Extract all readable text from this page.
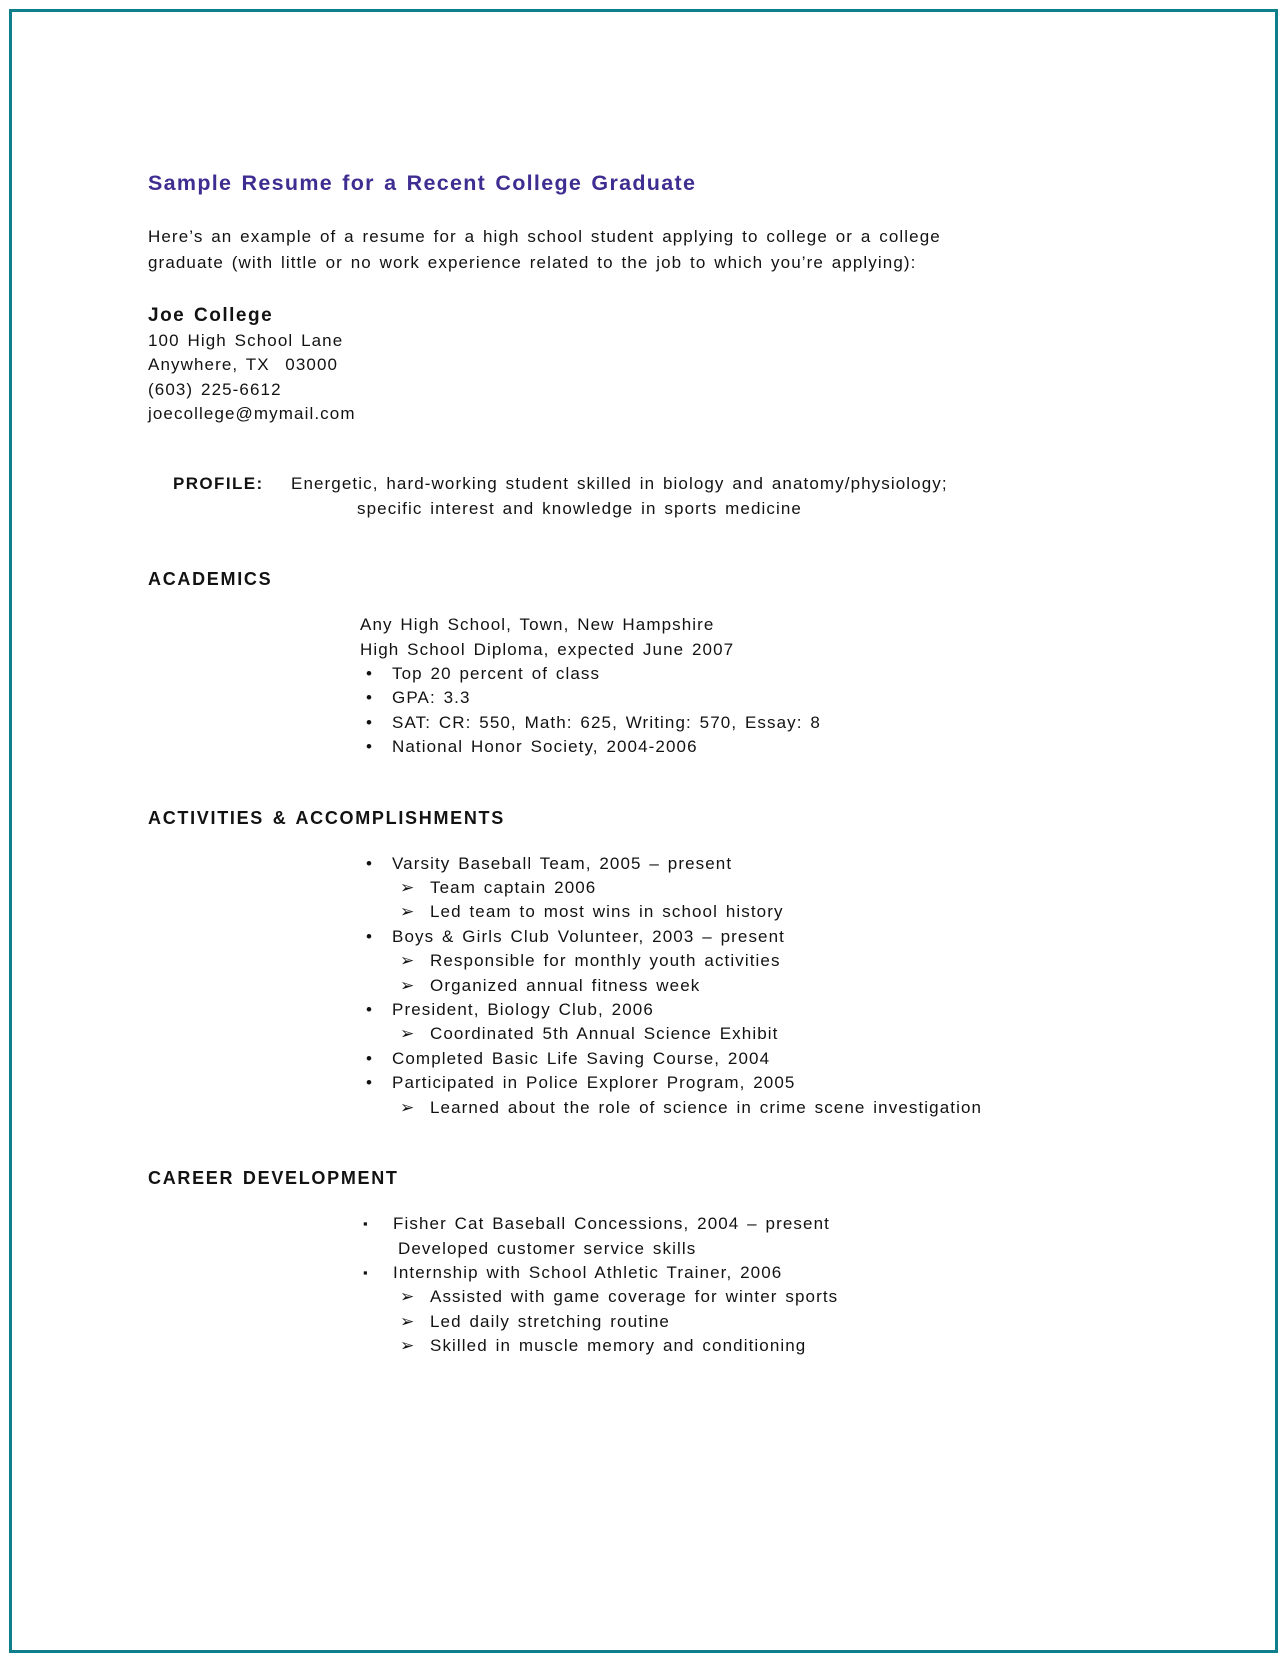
Sample Resume for a Recent College Graduate
Here’s an example of a resume for a high school student applying to college or a college
graduate (with little or no work experience related to the job to which you’re applying):
Joe College
100 High School Lane
Anywhere, TX  03000
(603) 225-6612
joecollege@mymail.com
PROFILE:	Energetic, hard-working student skilled in biology and anatomy/physiology;
specific interest and knowledge in sports medicine
ACADEMICS
Any High School, Town, New Hampshire
High School Diploma, expected June 2007
•	Top 20 percent of class
•	GPA: 3.3
•	SAT: CR: 550, Math: 625, Writing: 570, Essay: 8
•	National Honor Society, 2004-2006
ACTIVITIES & ACCOMPLISHMENTS
•	Varsity Baseball Team, 2005 – present
➢ Team captain 2006
➢ Led team to most wins in school history
•	Boys & Girls Club Volunteer, 2003 – present
➢ Responsible for monthly youth activities
➢ Organized annual fitness week
•	President, Biology Club, 2006
➢ Coordinated 5th Annual Science Exhibit
•	Completed Basic Life Saving Course, 2004
•	Participated in Police Explorer Program, 2005
➢ Learned about the role of science in crime scene investigation
CAREER DEVELOPMENT
▪	Fisher Cat Baseball Concessions, 2004 – present
Developed customer service skills
▪	Internship with School Athletic Trainer, 2006
➢ Assisted with game coverage for winter sports
➢ Led daily stretching routine
➢ Skilled in muscle memory and conditioning
